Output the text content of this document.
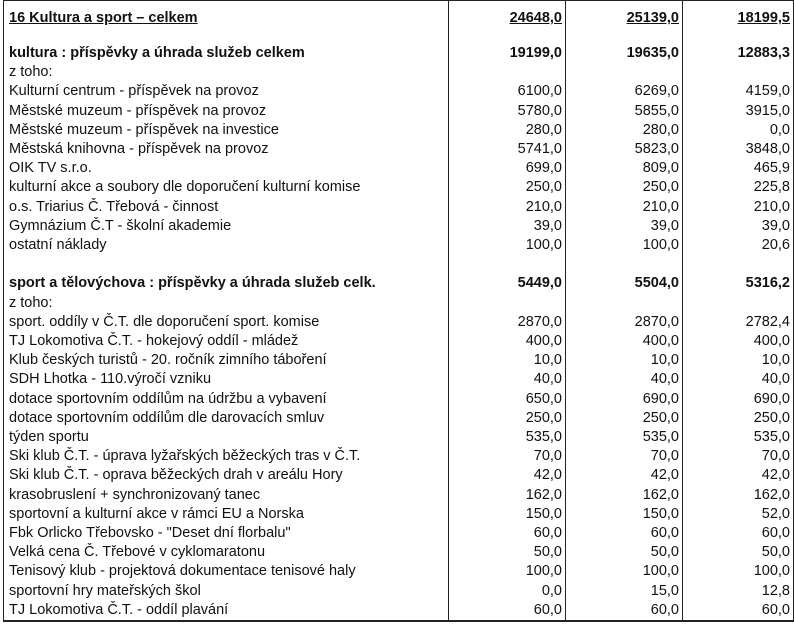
16 Kultura a sport – celkem	24648,0	25139,0	18199,5
kultura : příspěvky a úhrada služeb celkem	19199,0	19635,0	12883,3
z toho:			
Kulturní centrum - příspěvek na provoz	6100,0	6269,0	4159,0
Městské muzeum - příspěvek na provoz	5780,0	5855,0	3915,0
Městské muzeum - příspěvek na investice	280,0	280,0	0,0
Městská knihovna - příspěvek na provoz	5741,0	5823,0	3848,0
OIK TV s.r.o.	699,0	809,0	465,9
kulturní akce a soubory dle doporučení kulturní komise	250,0	250,0	225,8
o.s. Triarius Č. Třebová - činnost	210,0	210,0	210,0
Gymnázium Č.T - školní akademie	39,0	39,0	39,0
ostatní náklady	100,0	100,0	20,6

sport a tělovýchova : příspěvky a úhrada služeb celk.	5449,0	5504,0	5316,2
z toho:			
sport. oddíly v Č.T. dle doporučení sport. komise	2870,0	2870,0	2782,4
TJ Lokomotiva Č.T. - hokejový oddíl - mládež	400,0	400,0	400,0
Klub českých turistů - 20. ročník zimního táboření	10,0	10,0	10,0
SDH Lhotka - 110.výročí vzniku	40,0	40,0	40,0
dotace sportovním oddílům na údržbu a vybavení	650,0	690,0	690,0
dotace sportovním oddílům dle darovacích smluv	250,0	250,0	250,0
týden sportu	535,0	535,0	535,0
Ski klub Č.T. - úprava lyžařských běžeckých tras v Č.T.	70,0	70,0	70,0
Ski klub Č.T. - oprava běžeckých drah v areálu Hory	42,0	42,0	42,0
krasobruslení + synchronizovaný tanec	162,0	162,0	162,0
sportovní a kulturní akce v rámci EU a Norska	150,0	150,0	52,0
Fbk Orlicko Třebovsko - "Deset dní florbalu"	60,0	60,0	60,0
Velká cena Č. Třebové v cyklomaratonu	50,0	50,0	50,0
Tenisový klub - projektová dokumentace tenisové haly	100,0	100,0	100,0
sportovní hry mateřských škol	0,0	15,0	12,8
TJ Lokomotiva Č.T. - oddíl plavání	60,0	60,0	60,0
